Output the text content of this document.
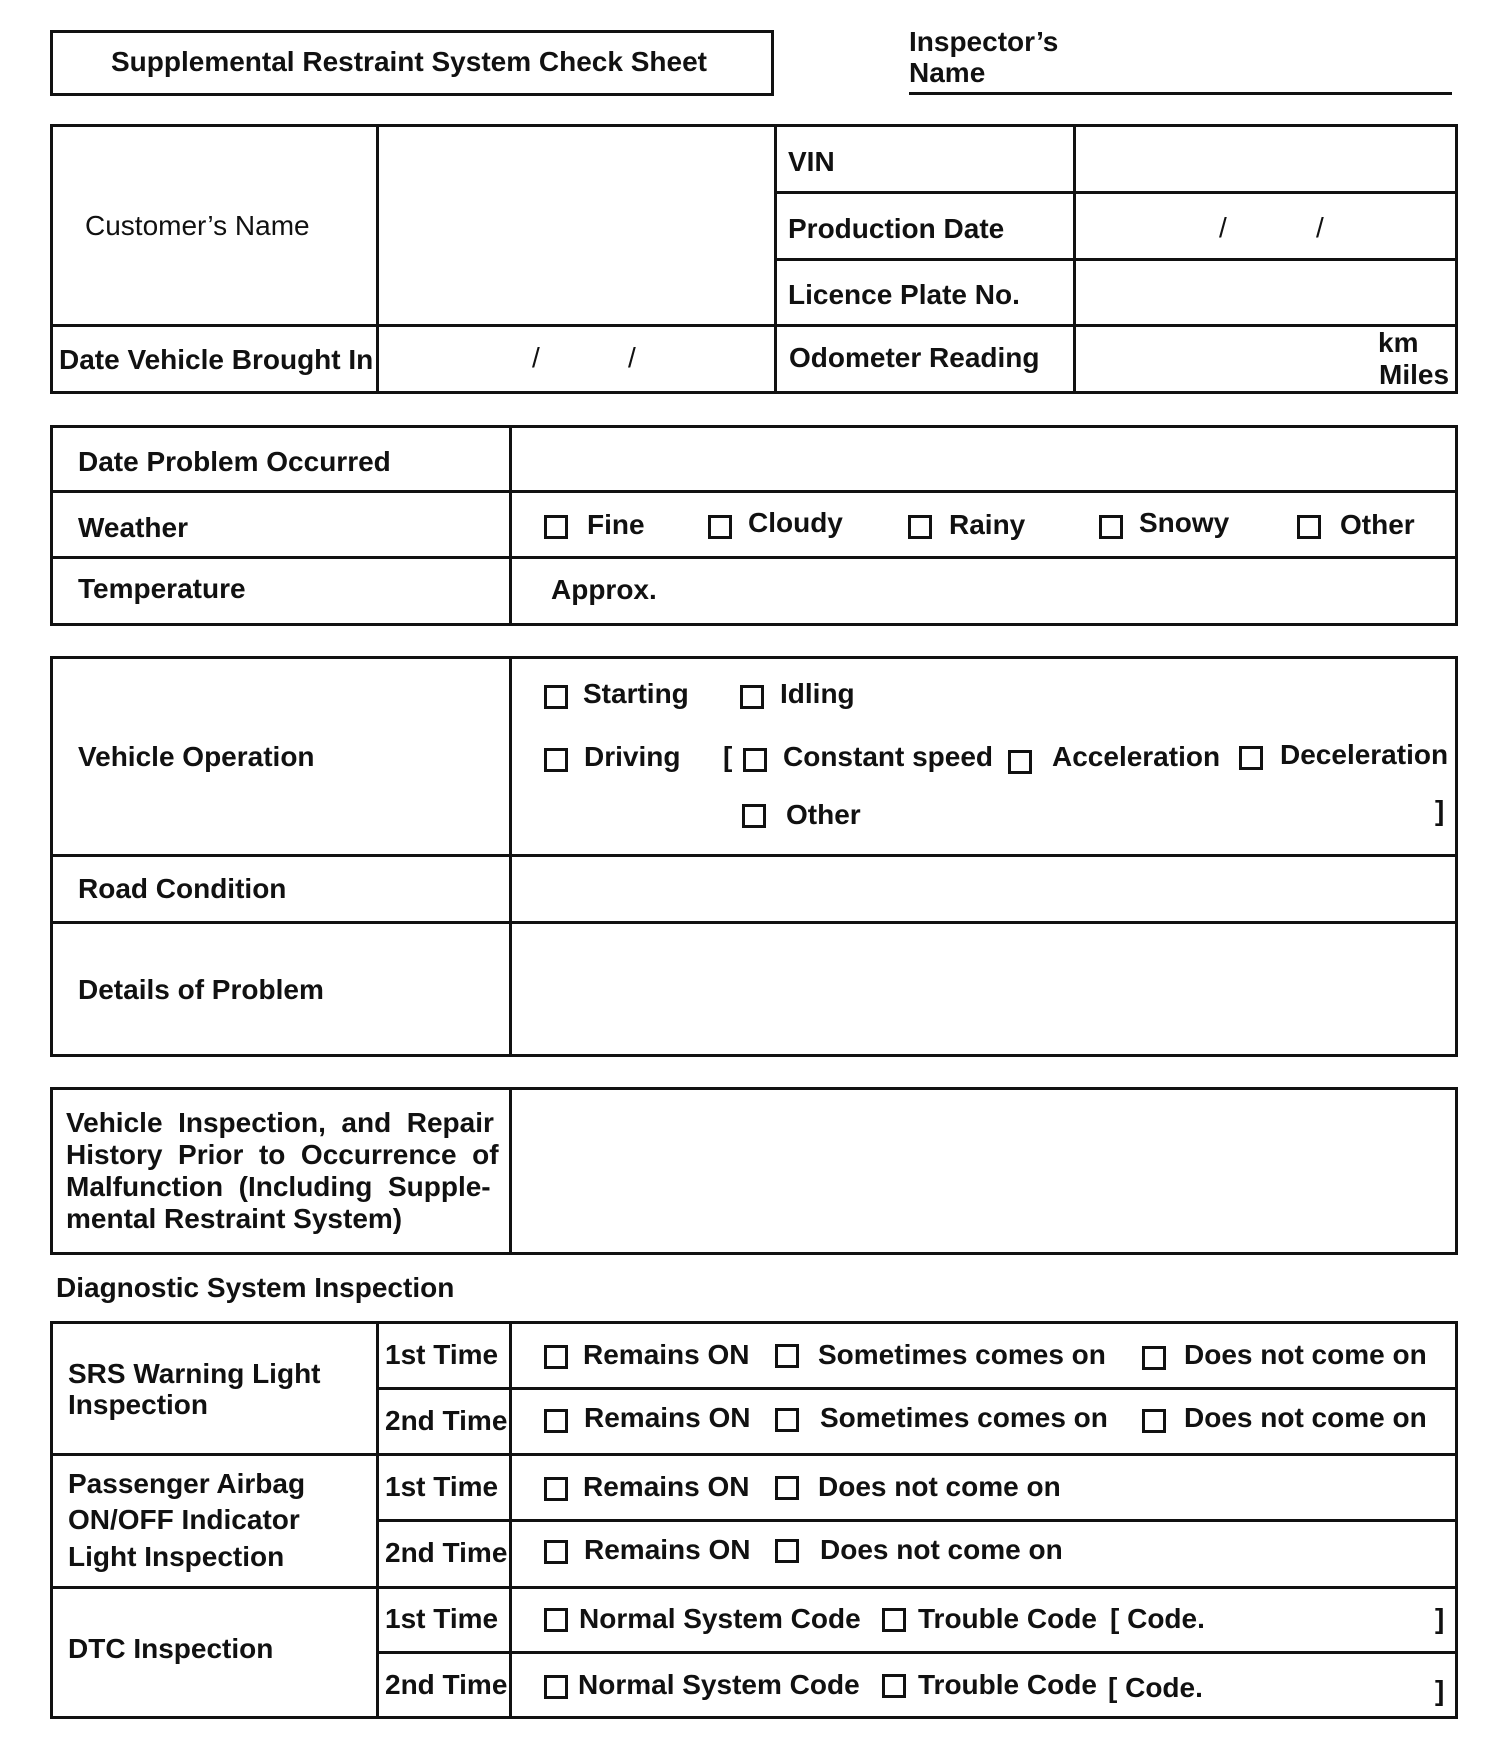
Supplemental Restraint System Check Sheet
Inspector’s
Name
Customer’s Name
VIN
Production Date	/	/
Licence Plate No.
Date Vehicle Brought In	/	/	Odometer Reading	km
Miles
Date Problem Occurred
Weather	Fine	Cloudy	Rainy	Snowy	Other
Temperature	Approx.
Vehicle Operation
Starting	Idling
Driving [ Constant speed Acceleration Deceleration
Other	]
Road Condition
Details of Problem
Vehicle  Inspection,  and  Repair
History  Prior  to  Occurrence  of
Malfunction  (Including  Supple-
mental Restraint System)
Diagnostic System Inspection
SRS Warning Light
Inspection
1st Time	Remains ON Sometimes comes on	Does not come on
2nd Time	Remains ON Sometimes comes on	Does not come on
Passenger Airbag
ON/OFF Indicator
Light Inspection
1st Time	Remains ON Does not come on
2nd Time	Remains ON Does not come on
DTC Inspection
1st Time	Normal System Code Trouble Code [ Code.	]
2nd Time	Normal System Code Trouble Code [ Code.	]
